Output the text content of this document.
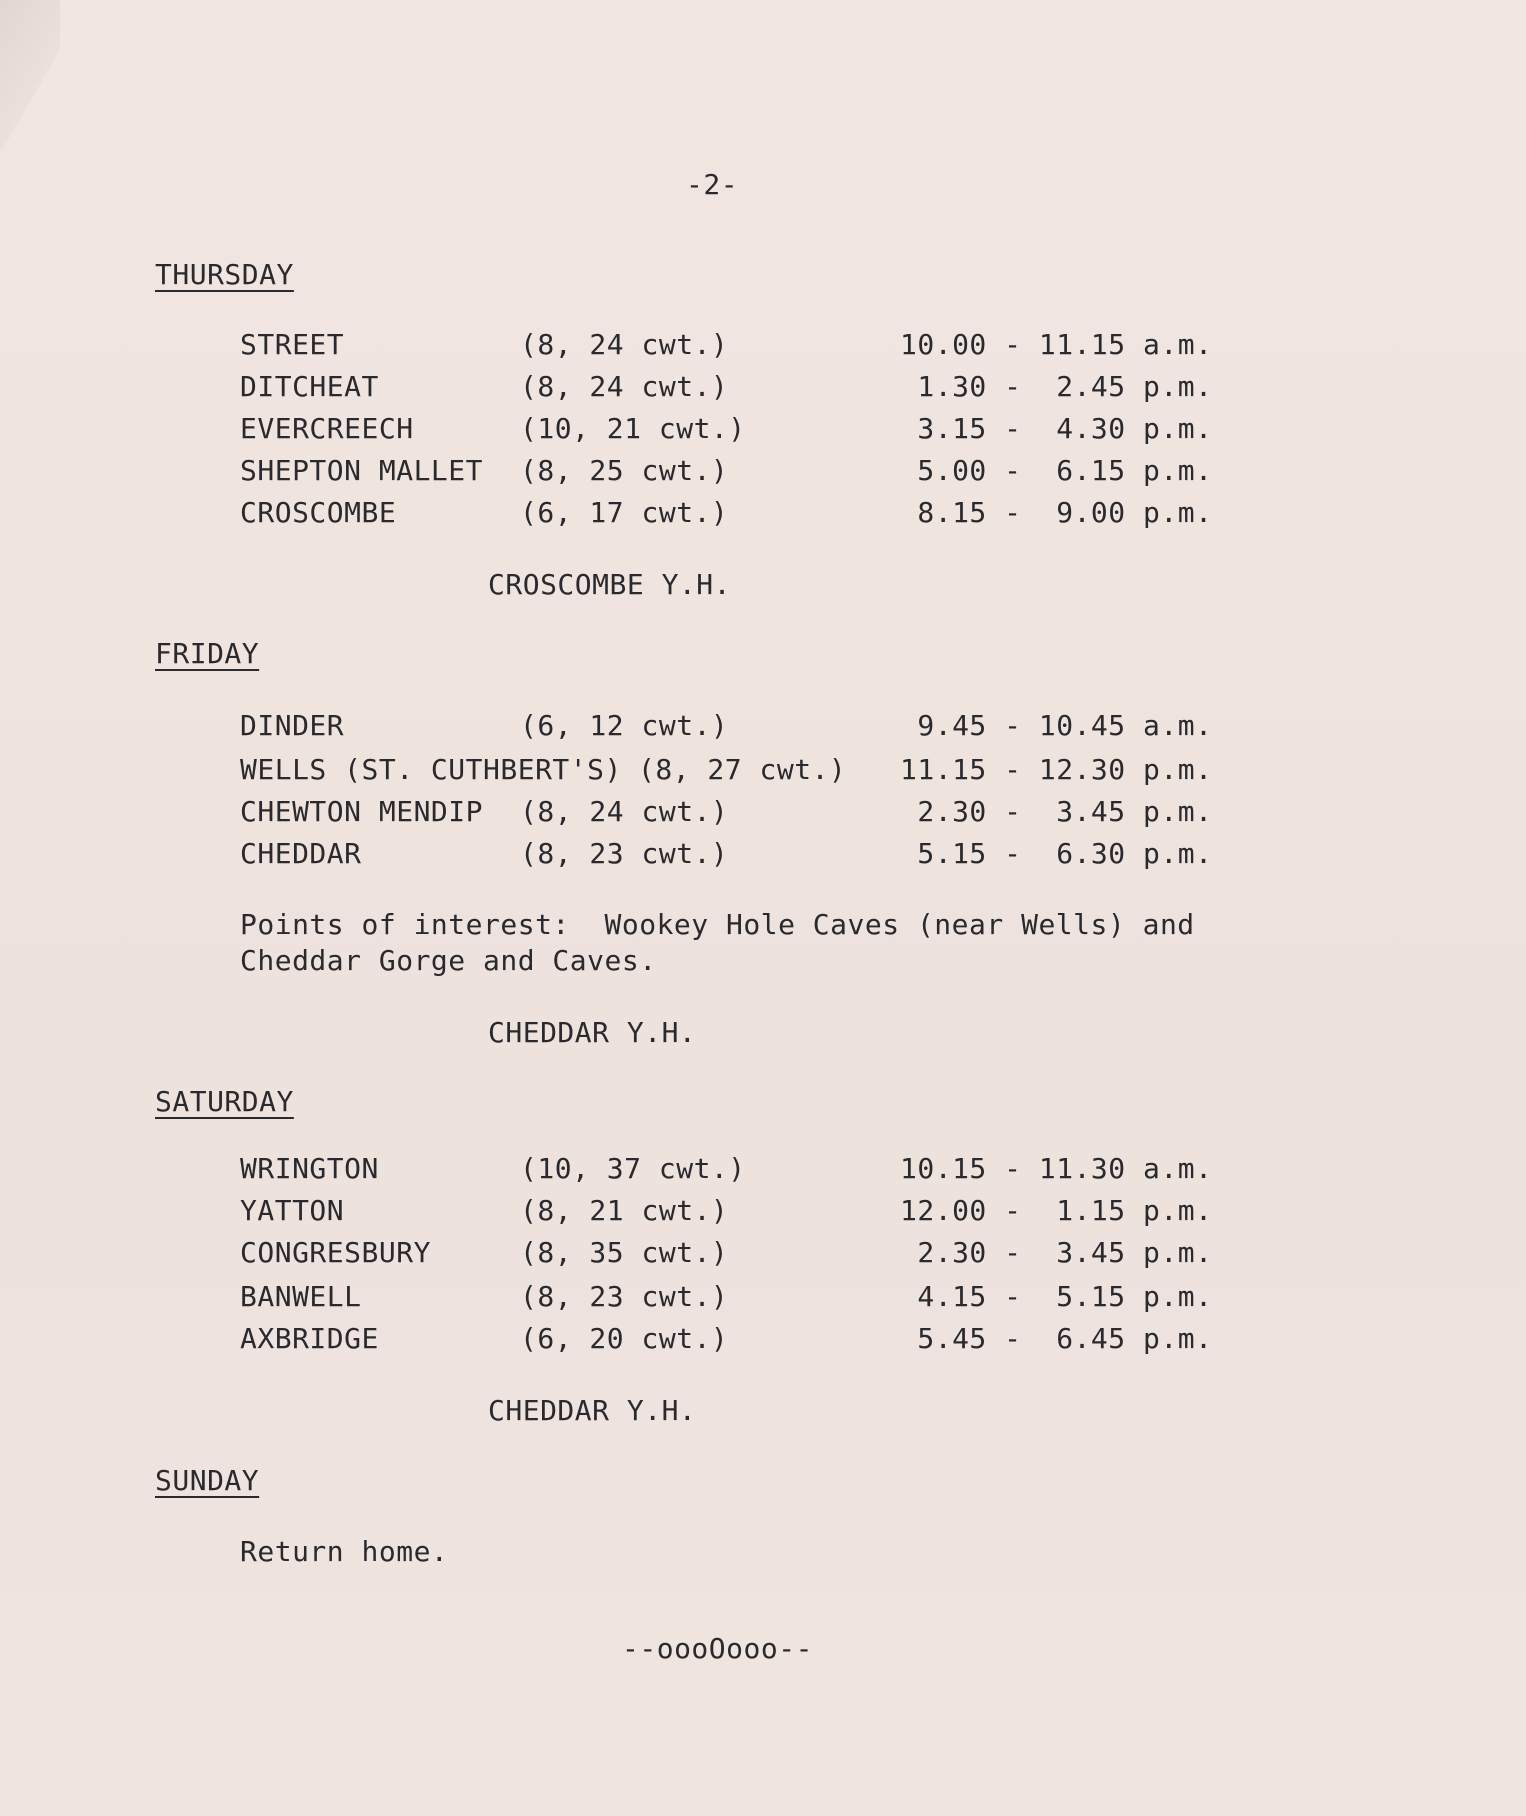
-2-
THURSDAY
STREET	(8, 24 cwt.)	10.00 - 11.15 a.m.
DITCHEAT	(8, 24 cwt.)	1.30 -  2.45 p.m.
EVERCREECH	(10, 21 cwt.)	3.15 -  4.30 p.m.
SHEPTON MALLET (8, 25 cwt.)	5.00 -  6.15 p.m.
CROSCOMBE	(6, 17 cwt.)	8.15 -  9.00 p.m.
CROSCOMBE Y.H.
FRIDAY
DINDER	(6, 12 cwt.)	9.45 - 10.45 a.m.
WELLS (ST. CUTHBERT'S) (8, 27 cwt.) 11.15 - 12.30 p.m.
CHEWTON MENDIP (8, 24 cwt.)	2.30 -  3.45 p.m.
CHEDDAR	(8, 23 cwt.)	5.15 -  6.30 p.m.
Points of interest:  Wookey Hole Caves (near Wells) and
Cheddar Gorge and Caves.
CHEDDAR Y.H.
SATURDAY
WRINGTON	(10, 37 cwt.)	10.15 - 11.30 a.m.
YATTON	(8, 21 cwt.)	12.00 -  1.15 p.m.
CONGRESBURY	(8, 35 cwt.)	2.30 -  3.45 p.m.
BANWELL	(8, 23 cwt.)	4.15 -  5.15 p.m.
AXBRIDGE	(6, 20 cwt.)	5.45 -  6.45 p.m.
CHEDDAR Y.H.
SUNDAY
Return home.
--oooOooo--
